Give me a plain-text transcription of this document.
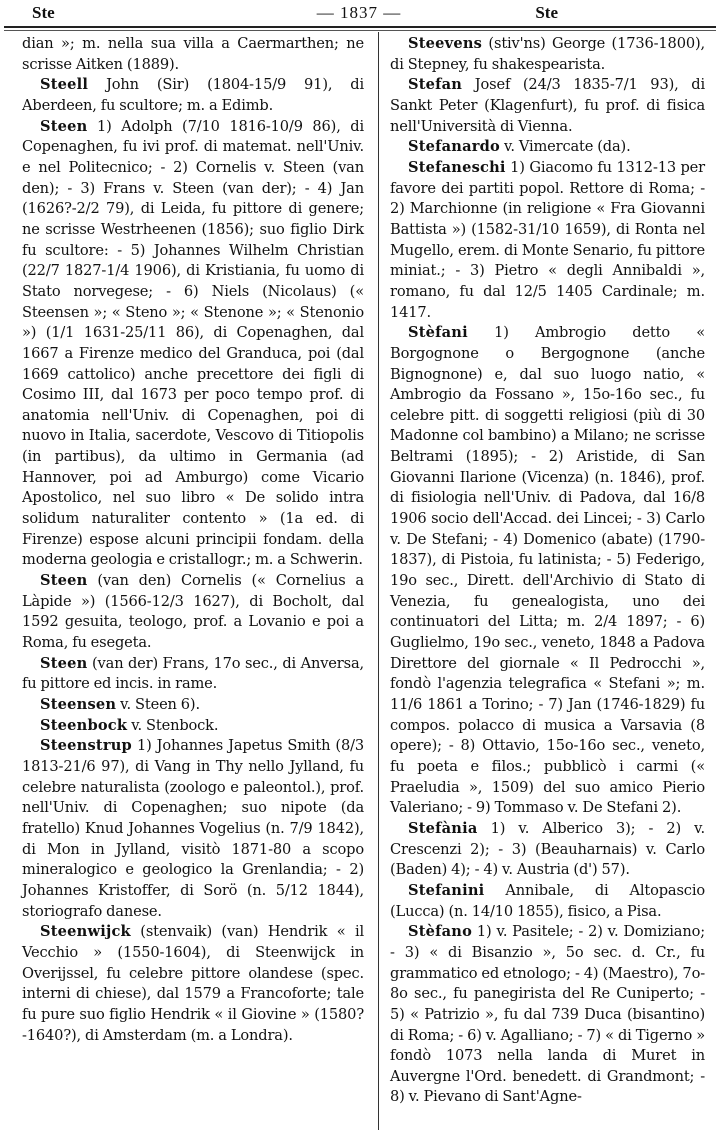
Ste	— 1837 —	Ste

dian »; m. nella sua villa a Caermarthen; ne scrisse Aitken (1889).

Steell John (Sir) (1804-15/9 91), di Aberdeen, fu scultore; m. a Edimb.

Steen 1) Adolph (7/10 1816-10/9 86), di Copenaghen, fu ivi prof. di matemat. nell'Univ. e nel Politecnico; - 2) Cornelis v. Steen (van den); - 3) Frans v. Steen (van der); - 4) Jan (1626?-2/2 79), di Leida, fu pittore di genere; ne scrisse Westrheenen (1856); suo figlio Dirk fu scultore: - 5) Johannes Wilhelm Christian (22/7 1827-1/4 1906), di Kristiania, fu uomo di Stato norvegese; - 6) Niels (Nicolaus) (« Steensen »; « Steno »; « Stenone »; « Stenonio ») (1/1 1631-25/11 86), di Copenaghen, dal 1667 a Firenze medico del Granduca, poi (dal 1669 cattolico) anche precettore dei figli di Cosimo III, dal 1673 per poco tempo prof. di anatomia nell'Univ. di Copenaghen, poi di nuovo in Italia, sacerdote, Vescovo di Titiopolis (in partibus), da ultimo in Germania (ad Hannover, poi ad Amburgo) come Vicario Apostolico, nel suo libro « De solido intra solidum naturaliter contento » (1a ed. di Firenze) espose alcuni principii fondam. della moderna geologia e cristallogr.; m. a Schwerin.

Steen (van den) Cornelis (« Cornelius a Làpide ») (1566-12/3 1627), di Bocholt, dal 1592 gesuita, teologo, prof. a Lovanio e poi a Roma, fu esegeta.

Steen (van der) Frans, 17o sec., di Anversa, fu pittore ed incis. in rame.

Steensen v. Steen 6).

Steenbock v. Stenbock.

Steenstrup 1) Johannes Japetus Smith (8/3 1813-21/6 97), di Vang in Thy nello Jylland, fu celebre naturalista (zoologo e paleontol.), prof. nell'Univ. di Copenaghen; suo nipote (da fratello) Knud Johannes Vogelius (n. 7/9 1842), di Mon in Jylland, visitò 1871-80 a scopo mineralogico e geologico la Grenlandia; - 2) Johannes Kristoffer, di Sorö (n. 5/12 1844), storiografo danese.

Steenwijck (stenvaik) (van) Hendrik « il Vecchio » (1550-1604), di Steenwijck in Overijssel, fu celebre pittore olandese (spec. interni di chiese), dal 1579 a Francoforte; tale fu pure suo figlio Hendrik « il Giovine » (1580?-1640?), di Amsterdam (m. a Londra).

Steevens (stiv'ns) George (1736-1800), di Stepney, fu shakespearista.

Stefan Josef (24/3 1835-7/1 93), di Sankt Peter (Klagenfurt), fu prof. di fisica nell'Università di Vienna.

Stefanardo v. Vimercate (da).

Stefaneschi 1) Giacomo fu 1312-13 per favore dei partiti popol. Rettore di Roma; - 2) Marchionne (in religione « Fra Giovanni Battista ») (1582-31/10 1659), di Ronta nel Mugello, erem. di Monte Senario, fu pittore miniat.; - 3) Pietro « degli Annibaldi », romano, fu dal 12/5 1405 Cardinale; m. 1417.

Stèfani 1) Ambrogio detto « Borgognone o Bergognone (anche Bignognone) e, dal suo luogo natio, « Ambrogio da Fossano », 15o-16o sec., fu celebre pitt. di soggetti religiosi (più di 30 Madonne col bambino) a Milano; ne scrisse Beltrami (1895); - 2) Aristide, di San Giovanni Ilarione (Vicenza) (n. 1846), prof. di fisiologia nell'Univ. di Padova, dal 16/8 1906 socio dell'Accad. dei Lincei; - 3) Carlo v. De Stefani; - 4) Domenico (abate) (1790-1837), di Pistoia, fu latinista; - 5) Federigo, 19o sec., Dirett. dell'Archivio di Stato di Venezia, fu genealogista, uno dei continuatori del Litta; m. 2/4 1897; - 6) Guglielmo, 19o sec., veneto, 1848 a Padova Direttore del giornale « Il Pedrocchi », fondò l'agenzia telegrafica « Stefani »; m. 11/6 1861 a Torino; - 7) Jan (1746-1829) fu compos. polacco di musica a Varsavia (8 opere); - 8) Ottavio, 15o-16o sec., veneto, fu poeta e filos.; pubblicò i carmi (« Praeludia », 1509) del suo amico Pierio Valeriano; - 9) Tommaso v. De Stefani 2).

Stefània 1) v. Alberico 3); - 2) v. Crescenzi 2); - 3) (Beauharnais) v. Carlo (Baden) 4); - 4) v. Austria (d') 57).

Stefanini Annibale, di Altopascio (Lucca) (n. 14/10 1855), fisico, a Pisa.

Stèfano 1) v. Pasitele; - 2) v. Domiziano; - 3) « di Bisanzio », 5o sec. d. Cr., fu grammatico ed etnologo; - 4) (Maestro), 7o-8o sec., fu panegirista del Re Cuniperto; - 5) « Patrizio », fu dal 739 Duca (bisantino) di Roma; - 6) v. Agalliano; - 7) « di Tigerno » fondò 1073 nella landa di Muret in Auvergne l'Ord. benedett. di Grandmont; - 8) v. Pievano di Sant'Agne-
